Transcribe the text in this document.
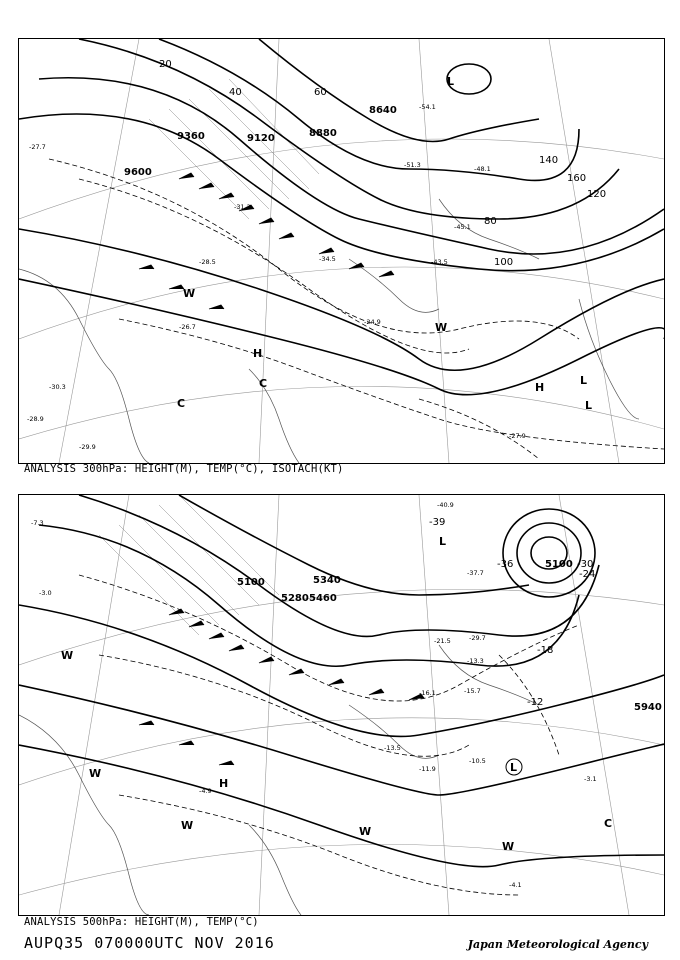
9600
9360	9120	8880
8640
20
40	60
80
100
120
140
160
-27.7
-28.5
-31.2
-34.5	-43.5
-45.1
-48.1
-51.3
-54.1
-24.9
-26.7
-28.9
-29.9
-30.3
-27.9
L
L
H
H
C
C
W
W
L
ANALYSIS 300hPa: HEIGHT(M), TEMP(°C), ISOTACH(KT)
5100
5280 5460
5340
5100
5940
-39
-36	-30
-24
-18
-12
-40.9
-37.7
-29.7
-21.5
-16.1	-15.7
-13.3
-10.5
-11.9
-13.5
-4.9
-4.1
-3.1
-7.3
-3.0
L
L
H
W
W
W	W
C
W
ANALYSIS 500hPa: HEIGHT(M), TEMP(°C)
AUPQ35 070000UTC NOV 2016	Japan Meteorological Agency
